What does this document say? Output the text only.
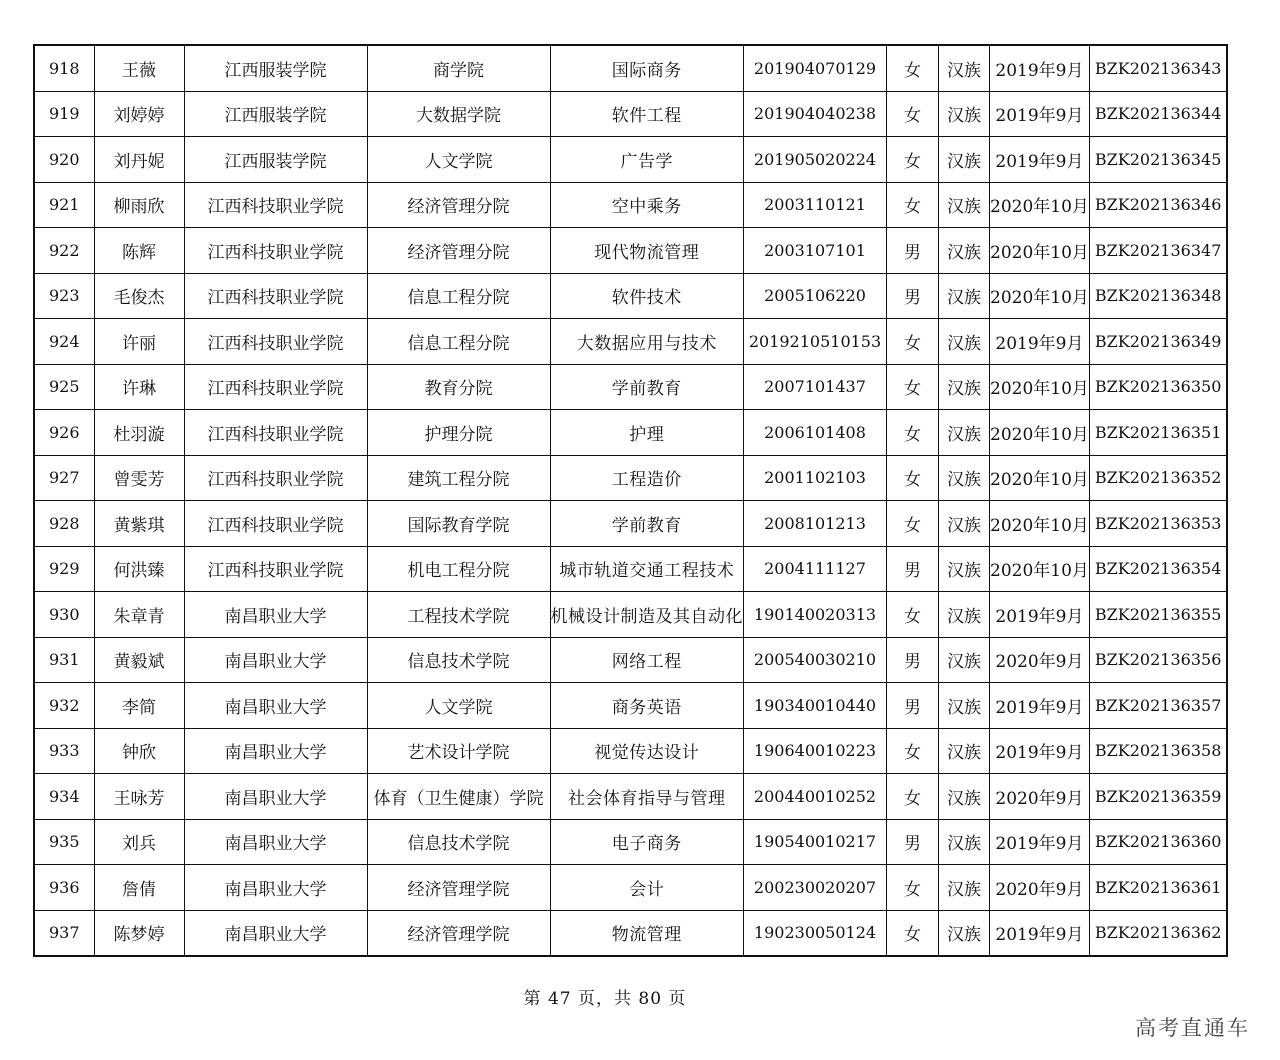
918	王薇	江西服装学院	商学院	国际商务	201904070129	女	汉族	2019年9月	BZK202136343
919	刘婷婷	江西服装学院	大数据学院	软件工程	201904040238	女	汉族	2019年9月	BZK202136344
920	刘丹妮	江西服装学院	人文学院	广告学	201905020224	女	汉族	2019年9月	BZK202136345
921	柳雨欣	江西科技职业学院	经济管理分院	空中乘务	2003110121	女	汉族	2020年10月	BZK202136346
922	陈辉	江西科技职业学院	经济管理分院	现代物流管理	2003107101	男	汉族	2020年10月	BZK202136347
923	毛俊杰	江西科技职业学院	信息工程分院	软件技术	2005106220	男	汉族	2020年10月	BZK202136348
924	许丽	江西科技职业学院	信息工程分院	大数据应用与技术	2019210510153	女	汉族	2019年9月	BZK202136349
925	许琳	江西科技职业学院	教育分院	学前教育	2007101437	女	汉族	2020年10月	BZK202136350
926	杜羽漩	江西科技职业学院	护理分院	护理	2006101408	女	汉族	2020年10月	BZK202136351
927	曾雯芳	江西科技职业学院	建筑工程分院	工程造价	2001102103	女	汉族	2020年10月	BZK202136352
928	黄紫琪	江西科技职业学院	国际教育学院	学前教育	2008101213	女	汉族	2020年10月	BZK202136353
929	何洪臻	江西科技职业学院	机电工程分院	城市轨道交通工程技术	2004111127	男	汉族	2020年10月	BZK202136354
930	朱章青	南昌职业大学	工程技术学院	机械设计制造及其自动化	190140020313	女	汉族	2019年9月	BZK202136355
931	黄毅斌	南昌职业大学	信息技术学院	网络工程	200540030210	男	汉族	2020年9月	BZK202136356
932	李简	南昌职业大学	人文学院	商务英语	190340010440	男	汉族	2019年9月	BZK202136357
933	钟欣	南昌职业大学	艺术设计学院	视觉传达设计	190640010223	女	汉族	2019年9月	BZK202136358
934	王咏芳	南昌职业大学	体育（卫生健康）学院	社会体育指导与管理	200440010252	女	汉族	2020年9月	BZK202136359
935	刘兵	南昌职业大学	信息技术学院	电子商务	190540010217	男	汉族	2019年9月	BZK202136360
936	詹倩	南昌职业大学	经济管理学院	会计	200230020207	女	汉族	2020年9月	BZK202136361
937	陈梦婷	南昌职业大学	经济管理学院	物流管理	190230050124	女	汉族	2019年9月	BZK202136362
第 47 页，共 80 页
高考直通车
